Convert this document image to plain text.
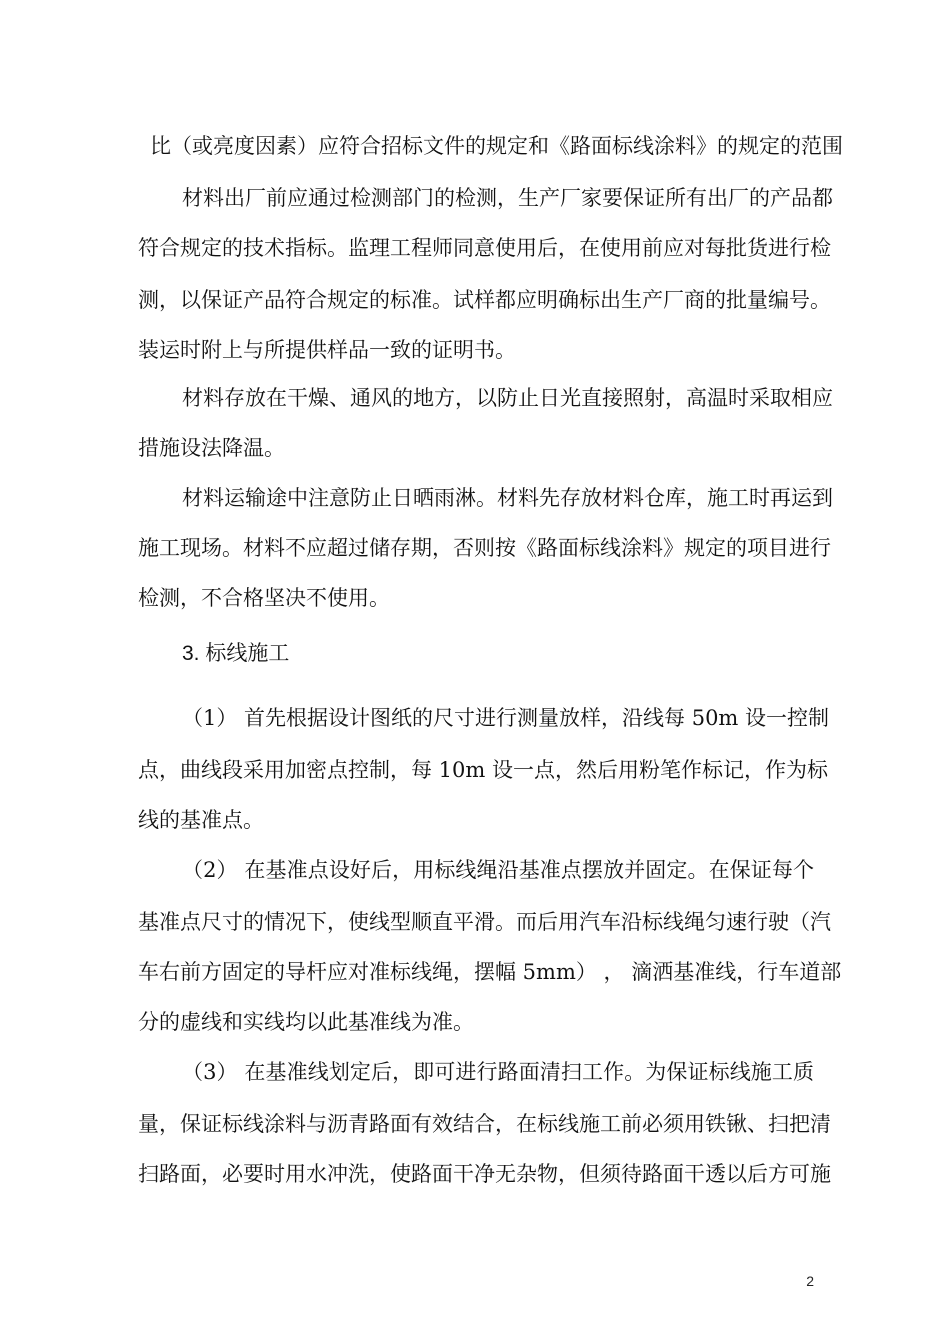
比（或亮度因素）应符合招标文件的规定和《路面标线涂料》的规定的范围
材料出厂前应通过检测部门的检测，生产厂家要保证所有出厂的产品都
符合规定的技术指标。监理工程师同意使用后，在使用前应对每批货进行检
测，以保证产品符合规定的标准。试样都应明确标出生产厂商的批量编号。
装运时附上与所提供样品一致的证明书。
材料存放在干燥、通风的地方，以防止日光直接照射，高温时采取相应
措施设法降温。
材料运输途中注意防止日晒雨淋。材料先存放材料仓库，施工时再运到
施工现场。材料不应超过储存期，否则按《路面标线涂料》规定的项目进行
检测，不合格坚决不使用。
3. 标线施工
（1） 首先根据设计图纸的尺寸进行测量放样，沿线每 50m 设一控制
点，曲线段采用加密点控制，每 10m 设一点，然后用粉笔作标记，作为标
线的基准点。
（2） 在基准点设好后，用标线绳沿基准点摆放并固定。在保证每个
基准点尺寸的情况下，使线型顺直平滑。而后用汽车沿标线绳匀速行驶（汽
车右前方固定的导杆应对准标线绳，摆幅 5mm） ， 滴洒基准线，行车道部
分的虚线和实线均以此基准线为准。
（3） 在基准线划定后，即可进行路面清扫工作。为保证标线施工质
量，保证标线涂料与沥青路面有效结合，在标线施工前必须用铁锹、扫把清
扫路面，必要时用水冲洗，使路面干净无杂物，但须待路面干透以后方可施
2
